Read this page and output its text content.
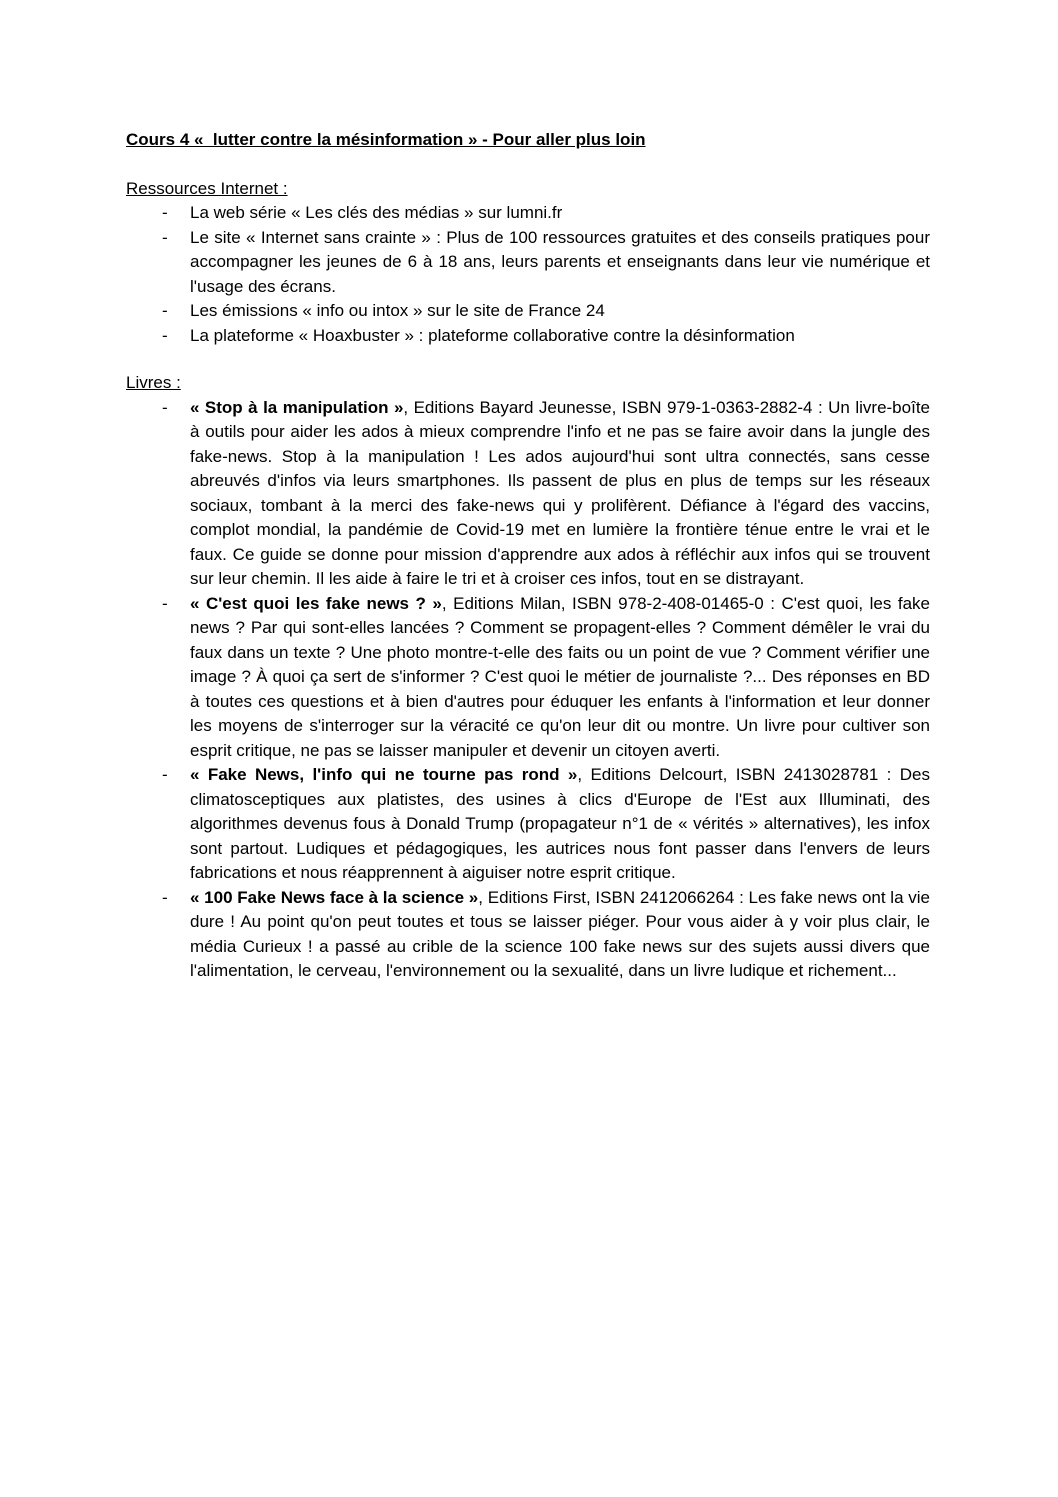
Cours 4 «  lutter contre la mésinformation » - Pour aller plus loin

Ressources Internet :

- La web série « Les clés des médias » sur lumni.fr
- Le site « Internet sans crainte » : Plus de 100 ressources gratuites et des conseils pratiques pour accompagner les jeunes de 6 à 18 ans, leurs parents et enseignants dans leur vie numérique et l'usage des écrans.
- Les émissions « info ou intox » sur le site de France 24
- La plateforme « Hoaxbuster » : plateforme collaborative contre la désinformation

Livres :

- « Stop à la manipulation », Editions Bayard Jeunesse, ISBN 979-1-0363-2882-4 : Un livre-boîte à outils pour aider les ados à mieux comprendre l'info et ne pas se faire avoir dans la jungle des fake-news. Stop à la manipulation ! Les ados aujourd'hui sont ultra connectés, sans cesse abreuvés d'infos via leurs smartphones. Ils passent de plus en plus de temps sur les réseaux sociaux, tombant à la merci des fake-news qui y prolifèrent. Défiance à l'égard des vaccins, complot mondial, la pandémie de Covid-19 met en lumière la frontière ténue entre le vrai et le faux. Ce guide se donne pour mission d'apprendre aux ados à réfléchir aux infos qui se trouvent sur leur chemin. Il les aide à faire le tri et à croiser ces infos, tout en se distrayant.
- « C'est quoi les fake news ? », Editions Milan, ISBN 978-2-408-01465-0 : C'est quoi, les fake news ? Par qui sont-elles lancées ? Comment se propagent-elles ? Comment démêler le vrai du faux dans un texte ? Une photo montre-t-elle des faits ou un point de vue ? Comment vérifier une image ? À quoi ça sert de s'informer ? C'est quoi le métier de journaliste ?... Des réponses en BD à toutes ces questions et à bien d'autres pour éduquer les enfants à l'information et leur donner les moyens de s'interroger sur la véracité ce qu'on leur dit ou montre. Un livre pour cultiver son esprit critique, ne pas se laisser manipuler et devenir un citoyen averti.
- « Fake News, l'info qui ne tourne pas rond », Editions Delcourt, ISBN 2413028781 : Des climatosceptiques aux platistes, des usines à clics d'Europe de l'Est aux Illuminati, des algorithmes devenus fous à Donald Trump (propagateur n°1 de « vérités » alternatives), les infox sont partout. Ludiques et pédagogiques, les autrices nous font passer dans l'envers de leurs fabrications et nous réapprennent à aiguiser notre esprit critique.
- « 100 Fake News face à la science », Editions First, ISBN 2412066264 : Les fake news ont la vie dure ! Au point qu'on peut toutes et tous se laisser piéger. Pour vous aider à y voir plus clair, le média Curieux ! a passé au crible de la science 100 fake news sur des sujets aussi divers que l'alimentation, le cerveau, l'environnement ou la sexualité, dans un livre ludique et richement...
